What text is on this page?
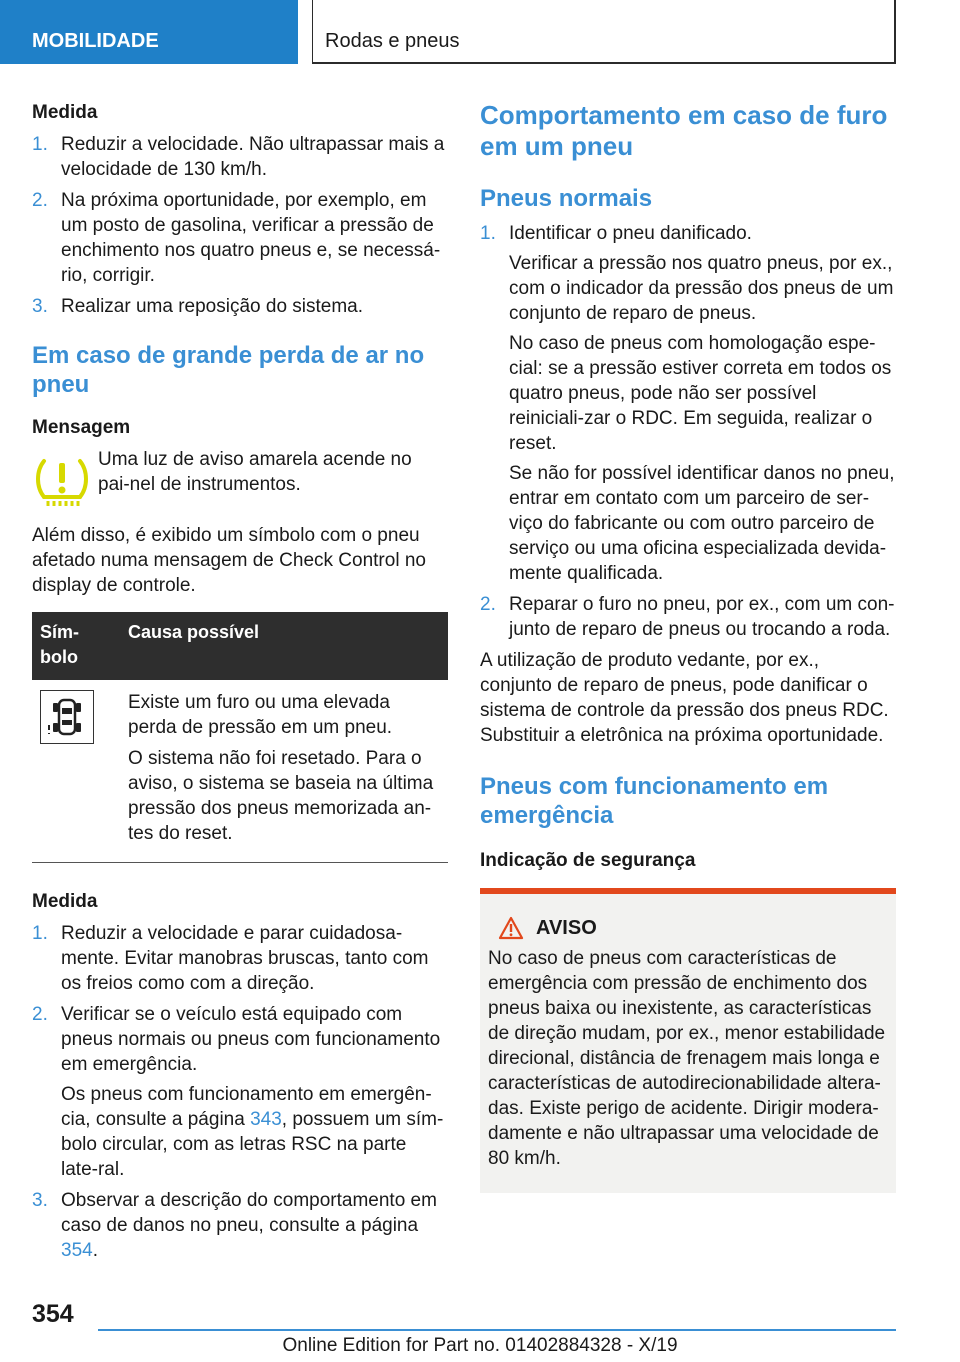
MOBILIDADE	Rodas e pneus
Medida
1. Reduzir a velocidade. Não ultrapassar mais a velocidade de 130 km/h.
2. Na próxima oportunidade, por exemplo, em um posto de gasolina, verificar a pressão de enchimento nos quatro pneus e, se necessá-rio, corrigir.
3. Realizar uma reposição do sistema.
Em caso de grande perda de ar no pneu
Mensagem

Uma luz de aviso amarela acende no pai-nel de instrumentos.

Além disso, é exibido um símbolo com o pneu afetado numa mensagem de Check Control no display de controle.

Sím-bolo
Causa possível

Existe um furo ou uma elevada perda de pressão em um pneu.

O sistema não foi resetado. Para o aviso, o sistema se baseia na última pressão dos pneus memorizada an-tes do reset.

Medida
1. Reduzir a velocidade e parar cuidadosa-mente. Evitar manobras bruscas, tanto com os freios como com a direção.

2. Verificar se o veículo está equipado com pneus normais ou pneus com funcionamento em emergência.

Os pneus com funcionamento em emergên-cia, consulte a página 343, possuem um sím-bolo circular, com as letras RSC na parte late-ral.

3. Observar a descrição do comportamento em caso de danos no pneu, consulte a página 354.

Comportamento em caso de furo em um pneu
Pneus normais
1. Identificar o pneu danificado.

Verificar a pressão nos quatro pneus, por ex., com o indicador da pressão dos pneus de um conjunto de reparo de pneus.

No caso de pneus com homologação espe-cial: se a pressão estiver correta em todos os quatro pneus, pode não ser possível reiniciali-zar o RDC. Em seguida, realizar o reset.

Se não for possível identificar danos no pneu, entrar em contato com um parceiro de ser-viço do fabricante ou com outro parceiro de serviço ou uma oficina especializada devida-mente qualificada.

2. Reparar o furo no pneu, por ex., com um con-junto de reparo de pneus ou trocando a roda.

A utilização de produto vedante, por ex., conjunto de reparo de pneus, pode danificar o sistema de controle da pressão dos pneus RDC. Substituir a eletrônica na próxima oportunidade.

Pneus com funcionamento em emergência
Indicação de segurança
AVISO

No caso de pneus com características de emergência com pressão de enchimento dos pneus baixa ou inexistente, as características de direção mudam, por ex., menor estabilidade direcional, distância de frenagem mais longa e características de autodirecionabilidade altera-das. Existe perigo de acidente. Dirigir modera-damente e não ultrapassar uma velocidade de 80 km/h.

354
Online Edition for Part no. 01402884328 - X/19
